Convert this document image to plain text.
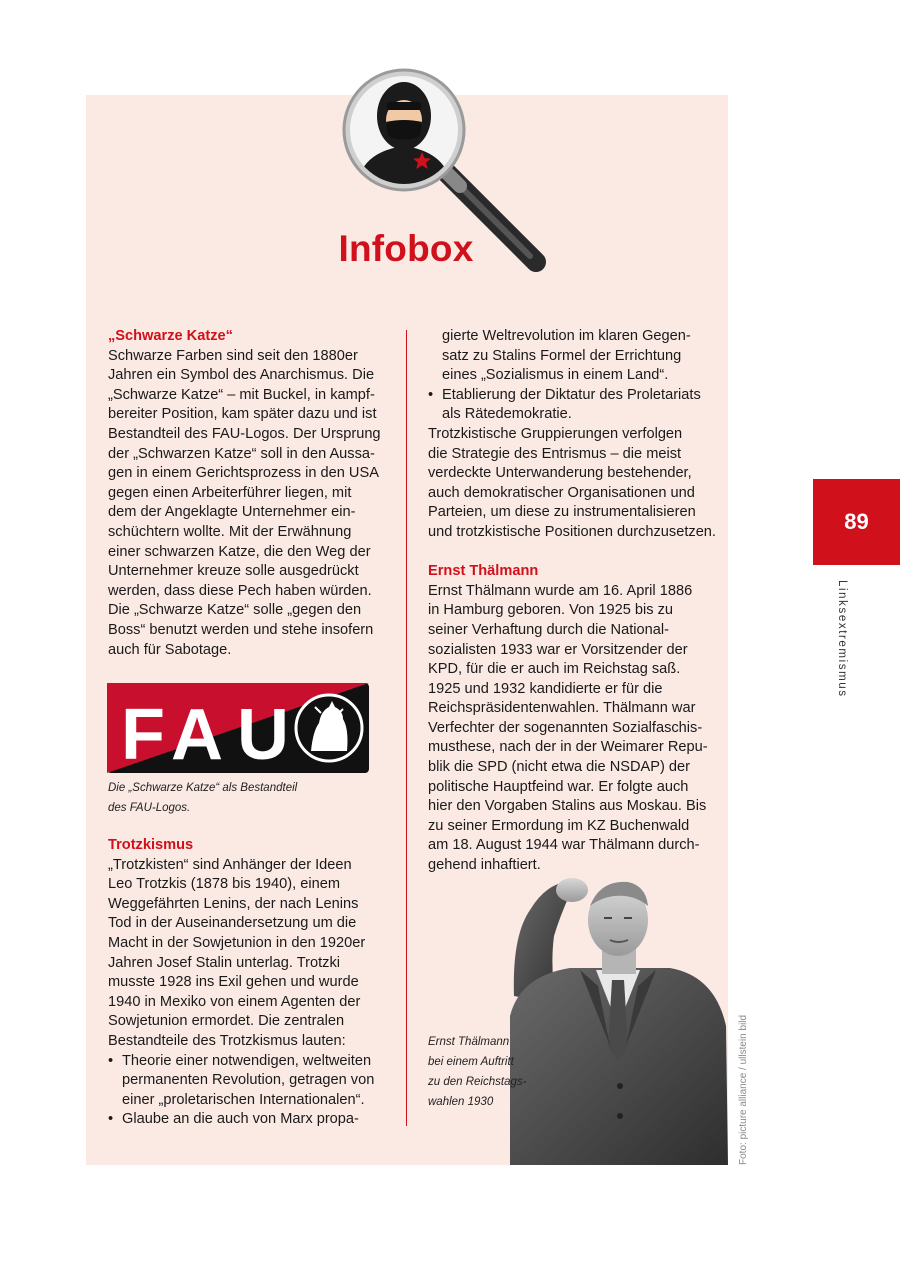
Infobox

„Schwarze Katze“

Schwarze Farben sind seit den 1880er

Jahren ein Symbol des Anarchismus. Die

„Schwarze Katze“ – mit Buckel, in kampf-

bereiter Position, kam später dazu und ist

Bestandteil des FAU-Logos. Der Ursprung

der „Schwarzen Katze“ soll in den Aussa-

gen in einem Gerichtsprozess in den USA

gegen einen Arbeiterführer liegen, mit

dem der Angeklagte Unternehmer ein-

schüchtern wollte. Mit der Erwähnung

einer schwarzen Katze, die den Weg der

Unternehmer kreuze solle ausgedrückt

werden, dass diese Pech haben würden.

Die „Schwarze Katze“ solle „gegen den

Boss“ benutzt werden und stehe insofern

auch für Sabotage.

F A U
Die „Schwarze Katze“ als Bestandteil
des FAU-Logos.

Trotzkismus

„Trotzkisten“ sind Anhänger der Ideen

Leo Trotzkis (1878 bis 1940), einem

Weggefährten Lenins, der nach Lenins

Tod in der Auseinandersetzung um die

Macht in der Sowjetunion in den 1920er

Jahren Josef Stalin unterlag. Trotzki

musste 1928 ins Exil gehen und wurde

1940 in Mexiko von einem Agenten der

Sowjetunion ermordet. Die zentralen

Bestandteile des Trotzkismus lauten:

• Theorie einer notwendigen, weltweiten
permanenten Revolution, getragen von
einer „proletarischen Internationalen“.
• Glaube an die auch von Marx propa-
gierte Weltrevolution im klaren Gegen-
satz zu Stalins Formel der Errichtung
eines „Sozialismus in einem Land“.
• Etablierung der Diktatur des Proletariats
als Rätedemokratie.

Trotzkistische Gruppierungen verfolgen

die Strategie des Entrismus – die meist

verdeckte Unterwanderung bestehender,

auch demokratischer Organisationen und

Parteien, um diese zu instrumentalisieren

und trotzkistische Positionen durchzusetzen.

Ernst Thälmann

Ernst Thälmann wurde am 16. April 1886

in Hamburg geboren. Von 1925 bis zu

seiner Verhaftung durch die National-

sozialisten 1933 war er Vorsitzender der

KPD, für die er auch im Reichstag saß.

1925 und 1932 kandidierte er für die

Reichspräsidentenwahlen. Thälmann war

Verfechter der sogenannten Sozialfaschis-

musthese, nach der in der Weimarer Repu-

blik die SPD (nicht etwa die NSDAP) der

politische Hauptfeind war. Er folgte auch

hier den Vorgaben Stalins aus Moskau. Bis

zu seiner Ermordung im KZ Buchenwald

am 18. August 1944 war Thälmann durch-

gehend inhaftiert.

Ernst Thälmann
bei einem Auftritt
zu den Reichstags-
wahlen 1930	Foto: picture alliance / ullstein bild
89
Linksextremismus
